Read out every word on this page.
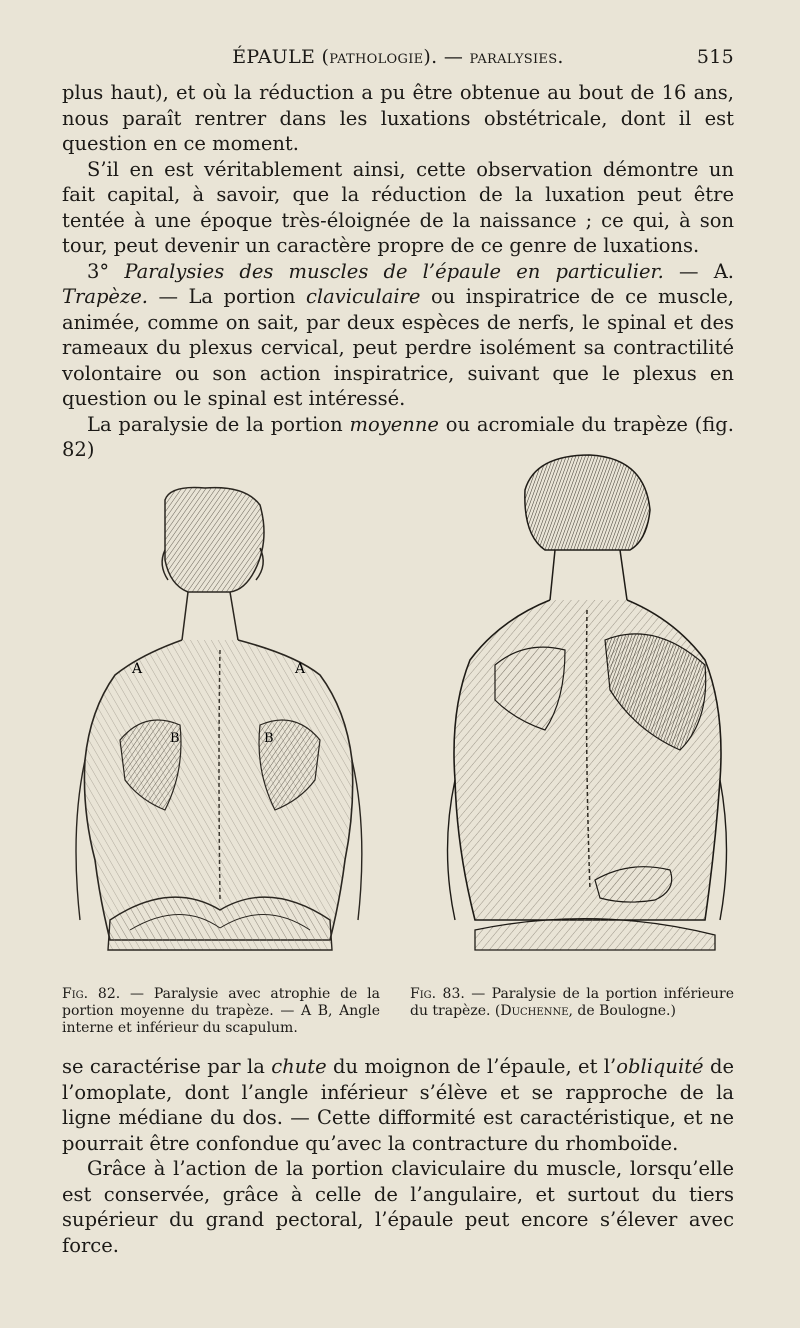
ÉPAULE (pathologie). — paralysies.	515

plus haut), et où la réduction a pu être obtenue au bout de 16 ans, nous paraît rentrer dans les luxations obstétricale, dont il est question en ce moment.

S’il en est véritablement ainsi, cette observation démontre un fait capital, à savoir, que la réduction de la luxation peut être tentée à une époque très-éloignée de la naissance ; ce qui, à son tour, peut devenir un caractère propre de ce genre de luxations.

3° Paralysies des muscles de l’épaule en particulier. — A. Trapèze. — La portion claviculaire ou inspiratrice de ce muscle, animée, comme on sait, par deux espèces de nerfs, le spinal et des rameaux du plexus cervical, peut perdre isolément sa contractilité volontaire ou son action inspiratrice, suivant que le plexus en question ou le spinal est intéressé.

La paralysie de la portion moyenne ou acromiale du trapèze (fig. 82)

A	A
B	B
Fig. 82. — Paralysie avec atrophie de la portion moyenne du trapèze. — A B, Angle interne et inférieur du scapulum.
Fig. 83. — Paralysie de la portion inférieure du trapèze. (Duchenne, de Boulogne.)

se caractérise par la chute du moignon de l’épaule, et l’obliquité de l’omoplate, dont l’angle inférieur s’élève et se rapproche de la ligne médiane du dos. — Cette difformité est caractéristique, et ne pourrait être confondue qu’avec la contracture du rhomboïde.

Grâce à l’action de la portion claviculaire du muscle, lorsqu’elle est conservée, grâce à celle de l’angulaire, et surtout du tiers supérieur du grand pectoral, l’épaule peut encore s’élever avec force.
